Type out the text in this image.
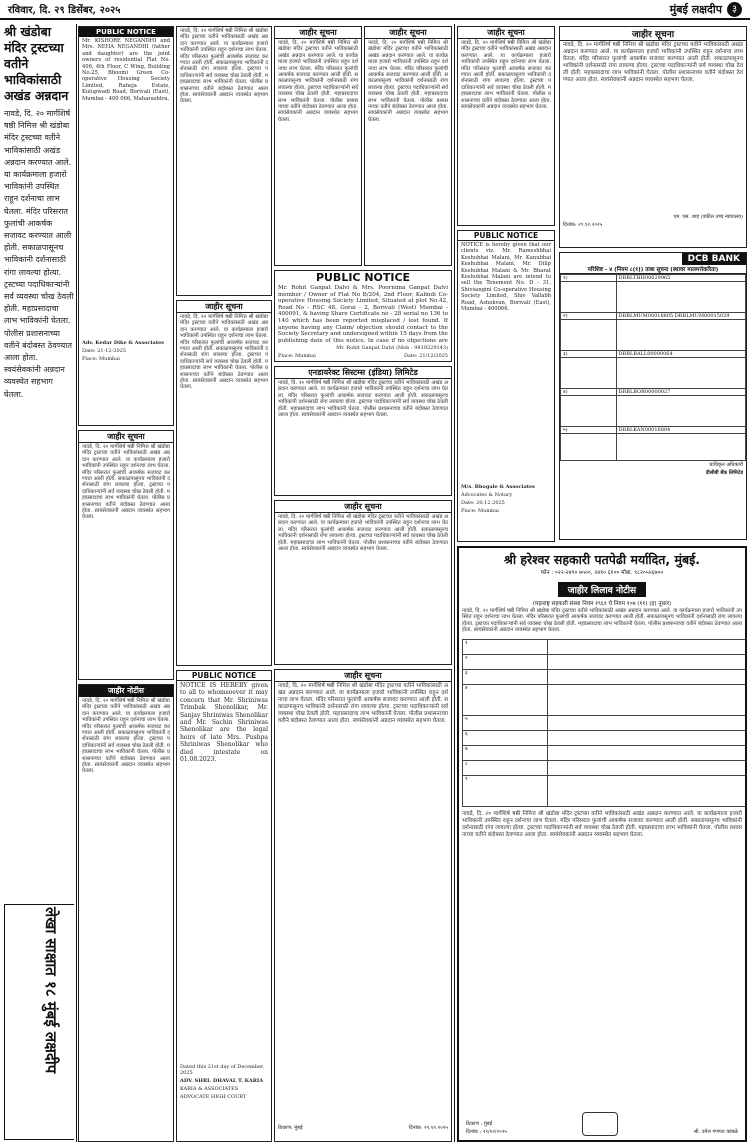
रविवार, दि. २९ डिसेंबर, २०२५	मुंबई लक्षदीप ३
श्री खंडोबा मंदिर ट्रस्टच्या वतीने भाविकांसाठी अखंड अन्नदान
नावडे, दि. २० मार्गशिर्ष षष्ठी निमित्त श्री खंडोबा मंदिर ट्रस्टच्या वतीने भाविकांसाठी अखंड अन्नदान करण्यात आले. या कार्यक्रमाला हजारो भाविकांनी उपस्थित राहून दर्शनाचा लाभ घेतला. मंदिर परिसरात फुलांची आकर्षक सजावट करण्यात आली होती. सकाळपासूनच भाविकांनी दर्शनासाठी रांगा लावल्या होत्या. ट्रस्टच्या पदाधिकाऱ्यांनी सर्व व्यवस्था चोख ठेवली होती. महाप्रसादाचा लाभ भाविकांनी घेतला. पोलीस प्रशासनाच्या वतीने बंदोबस्त ठेवण्यात आला होता. स्वयंसेवकांनी अन्नदान व्यवस्थेत सहभाग घेतला.
लेखा साक्षात १८ मुंबई लक्षदीप
PUBLIC NOTICE
Mr. KISHORE NEGANDHI and Mrs. NEHA NEGANDHI (father and daughter) are the joint owners of residential Flat No. 406, 4th Floor, C Wing, Building No.25, Bhoomi Green Co-operative Housing Society Limited, Raheja Estate, Kulupwadi Road, Borivali (East), Mumbai - 400 066, Maharashtra.
Adv. Kedar Dike & Associates
Date: 21-12-2025
Place: Mumbai
जाहीर सूचना
नावडे, दि. २० मार्गशिर्ष षष्ठी निमित्त श्री खंडोबा मंदिर ट्रस्टच्या वतीने भाविकांसाठी अखंड अन्नदान करण्यात आले. या कार्यक्रमाला हजारो भाविकांनी उपस्थित राहून दर्शनाचा लाभ घेतला. मंदिर परिसरात फुलांची आकर्षक सजावट करण्यात आली होती. सकाळपासूनच भाविकांनी दर्शनासाठी रांगा लावल्या होत्या. ट्रस्टच्या पदाधिकाऱ्यांनी सर्व व्यवस्था चोख ठेवली होती. महाप्रसादाचा लाभ भाविकांनी घेतला. पोलीस प्रशासनाच्या वतीने बंदोबस्त ठेवण्यात आला होता. स्वयंसेवकांनी अन्नदान व्यवस्थेत सहभाग घेतला.
जाहीर नोटीस
नावडे, दि. २० मार्गशिर्ष षष्ठी निमित्त श्री खंडोबा मंदिर ट्रस्टच्या वतीने भाविकांसाठी अखंड अन्नदान करण्यात आले. या कार्यक्रमाला हजारो भाविकांनी उपस्थित राहून दर्शनाचा लाभ घेतला. मंदिर परिसरात फुलांची आकर्षक सजावट करण्यात आली होती. सकाळपासूनच भाविकांनी दर्शनासाठी रांगा लावल्या होत्या. ट्रस्टच्या पदाधिकाऱ्यांनी सर्व व्यवस्था चोख ठेवली होती. महाप्रसादाचा लाभ भाविकांनी घेतला. पोलीस प्रशासनाच्या वतीने बंदोबस्त ठेवण्यात आला होता. स्वयंसेवकांनी अन्नदान व्यवस्थेत सहभाग घेतला.
नावडे, दि. २० मार्गशिर्ष षष्ठी निमित्त श्री खंडोबा मंदिर ट्रस्टच्या वतीने भाविकांसाठी अखंड अन्नदान करण्यात आले. या कार्यक्रमाला हजारो भाविकांनी उपस्थित राहून दर्शनाचा लाभ घेतला. मंदिर परिसरात फुलांची आकर्षक सजावट करण्यात आली होती. सकाळपासूनच भाविकांनी दर्शनासाठी रांगा लावल्या होत्या. ट्रस्टच्या पदाधिकाऱ्यांनी सर्व व्यवस्था चोख ठेवली होती. महाप्रसादाचा लाभ भाविकांनी घेतला. पोलीस प्रशासनाच्या वतीने बंदोबस्त ठेवण्यात आला होता. स्वयंसेवकांनी अन्नदान व्यवस्थेत सहभाग घेतला.
जाहीर सूचना
नावडे, दि. २० मार्गशिर्ष षष्ठी निमित्त श्री खंडोबा मंदिर ट्रस्टच्या वतीने भाविकांसाठी अखंड अन्नदान करण्यात आले. या कार्यक्रमाला हजारो भाविकांनी उपस्थित राहून दर्शनाचा लाभ घेतला. मंदिर परिसरात फुलांची आकर्षक सजावट करण्यात आली होती. सकाळपासूनच भाविकांनी दर्शनासाठी रांगा लावल्या होत्या. ट्रस्टच्या पदाधिकाऱ्यांनी सर्व व्यवस्था चोख ठेवली होती. महाप्रसादाचा लाभ भाविकांनी घेतला. पोलीस प्रशासनाच्या वतीने बंदोबस्त ठेवण्यात आला होता. स्वयंसेवकांनी अन्नदान व्यवस्थेत सहभाग घेतला.
PUBLIC NOTICE
NOTICE IS HEREBY given to all to whomsoever it may concern that Mr. Shriniwas Trimbak Shenolikar, Mr. Sanjay Shriniwas Shenolikar and Mr. Sachin Shriniwas Shenolikar are the legal heirs of late Mrs. Pushpa Shriniwas Shenolikar who died intestate on 01.08.2023.
Dated this 21st day of December, 2025
ADV. SHRI. DHAVAL T. KARIA
KARIA & ASSOCIATES
ADVOCATE HIGH COURT
जाहीर सूचना
नावडे, दि. २० मार्गशिर्ष षष्ठी निमित्त श्री खंडोबा मंदिर ट्रस्टच्या वतीने भाविकांसाठी अखंड अन्नदान करण्यात आले. या कार्यक्रमाला हजारो भाविकांनी उपस्थित राहून दर्शनाचा लाभ घेतला. मंदिर परिसरात फुलांची आकर्षक सजावट करण्यात आली होती. सकाळपासूनच भाविकांनी दर्शनासाठी रांगा लावल्या होत्या. ट्रस्टच्या पदाधिकाऱ्यांनी सर्व व्यवस्था चोख ठेवली होती. महाप्रसादाचा लाभ भाविकांनी घेतला. पोलीस प्रशासनाच्या वतीने बंदोबस्त ठेवण्यात आला होता. स्वयंसेवकांनी अन्नदान व्यवस्थेत सहभाग घेतला.
जाहीर सूचना
नावडे, दि. २० मार्गशिर्ष षष्ठी निमित्त श्री खंडोबा मंदिर ट्रस्टच्या वतीने भाविकांसाठी अखंड अन्नदान करण्यात आले. या कार्यक्रमाला हजारो भाविकांनी उपस्थित राहून दर्शनाचा लाभ घेतला. मंदिर परिसरात फुलांची आकर्षक सजावट करण्यात आली होती. सकाळपासूनच भाविकांनी दर्शनासाठी रांगा लावल्या होत्या. ट्रस्टच्या पदाधिकाऱ्यांनी सर्व व्यवस्था चोख ठेवली होती. महाप्रसादाचा लाभ भाविकांनी घेतला. पोलीस प्रशासनाच्या वतीने बंदोबस्त ठेवण्यात आला होता. स्वयंसेवकांनी अन्नदान व्यवस्थेत सहभाग घेतला.
PUBLIC NOTICE
Mr. Rohit Ganpat Dalvi & Mrs. Poornima Ganpat Dalvi member / Owner of Flat No B/204, 2nd Floor, Kalindi Co-operative Housing Society Limited, Situated at plot No.42, Road No - RSC 48, Gorai - 2, Borivali (West) Mumbai - 400091, & having Share Certificate no - 28 serial no 136 to 140 which has been reported misplaced / lost found. If anyone having any Claim/ objection should contact to the Society Secretary and undersigned within 15 days from the publishing date of this notice. In case if no objections are
Mr. Rohit Ganpat Dalvi (Mob - 9819229143)
Place: Mumbai	Date: 21/12/2025
एनडायरेक्ट सिस्टम्स (इंडिया) लिमिटेड
नावडे, दि. २० मार्गशिर्ष षष्ठी निमित्त श्री खंडोबा मंदिर ट्रस्टच्या वतीने भाविकांसाठी अखंड अन्नदान करण्यात आले. या कार्यक्रमाला हजारो भाविकांनी उपस्थित राहून दर्शनाचा लाभ घेतला. मंदिर परिसरात फुलांची आकर्षक सजावट करण्यात आली होती. सकाळपासूनच भाविकांनी दर्शनासाठी रांगा लावल्या होत्या. ट्रस्टच्या पदाधिकाऱ्यांनी सर्व व्यवस्था चोख ठेवली होती. महाप्रसादाचा लाभ भाविकांनी घेतला. पोलीस प्रशासनाच्या वतीने बंदोबस्त ठेवण्यात आला होता. स्वयंसेवकांनी अन्नदान व्यवस्थेत सहभाग घेतला.
जाहीर सूचना
नावडे, दि. २० मार्गशिर्ष षष्ठी निमित्त श्री खंडोबा मंदिर ट्रस्टच्या वतीने भाविकांसाठी अखंड अन्नदान करण्यात आले. या कार्यक्रमाला हजारो भाविकांनी उपस्थित राहून दर्शनाचा लाभ घेतला. मंदिर परिसरात फुलांची आकर्षक सजावट करण्यात आली होती. सकाळपासूनच भाविकांनी दर्शनासाठी रांगा लावल्या होत्या. ट्रस्टच्या पदाधिकाऱ्यांनी सर्व व्यवस्था चोख ठेवली होती. महाप्रसादाचा लाभ भाविकांनी घेतला. पोलीस प्रशासनाच्या वतीने बंदोबस्त ठेवण्यात आला होता. स्वयंसेवकांनी अन्नदान व्यवस्थेत सहभाग घेतला.
जाहीर सूचना
नावडे, दि. २० मार्गशिर्ष षष्ठी निमित्त श्री खंडोबा मंदिर ट्रस्टच्या वतीने भाविकांसाठी अखंड अन्नदान करण्यात आले. या कार्यक्रमाला हजारो भाविकांनी उपस्थित राहून दर्शनाचा लाभ घेतला. मंदिर परिसरात फुलांची आकर्षक सजावट करण्यात आली होती. सकाळपासूनच भाविकांनी दर्शनासाठी रांगा लावल्या होत्या. ट्रस्टच्या पदाधिकाऱ्यांनी सर्व व्यवस्था चोख ठेवली होती. महाप्रसादाचा लाभ भाविकांनी घेतला. पोलीस प्रशासनाच्या वतीने बंदोबस्त ठेवण्यात आला होता. स्वयंसेवकांनी अन्नदान व्यवस्थेत सहभाग घेतला.
ठिकाण: मुंबई	दिनांक: २९.१२.२०२५
जाहीर सूचना
नावडे, दि. २० मार्गशिर्ष षष्ठी निमित्त श्री खंडोबा मंदिर ट्रस्टच्या वतीने भाविकांसाठी अखंड अन्नदान करण्यात आले. या कार्यक्रमाला हजारो भाविकांनी उपस्थित राहून दर्शनाचा लाभ घेतला. मंदिर परिसरात फुलांची आकर्षक सजावट करण्यात आली होती. सकाळपासूनच भाविकांनी दर्शनासाठी रांगा लावल्या होत्या. ट्रस्टच्या पदाधिकाऱ्यांनी सर्व व्यवस्था चोख ठेवली होती. महाप्रसादाचा लाभ भाविकांनी घेतला. पोलीस प्रशासनाच्या वतीने बंदोबस्त ठेवण्यात आला होता. स्वयंसेवकांनी अन्नदान व्यवस्थेत सहभाग घेतला.
PUBLIC NOTICE
NOTICE is hereby given that our clients viz. Mr. Rameshbhai Keshubhai Malani, Mr. Kanubhai Keshubhai Malani, Mr. Dilip Keshubhai Malani & Mr. Bharat Keshubhai Malani are intend to sell the Tenement No. D - 31, Shivsangini Co-operative Housing Society Limited, Shiv Vallabh Road, Ashokvan, Borivali (East), Mumbai - 400066.
M/s. Bhogale & Associates
Advocates & Notary
Date: 20.12.2025
Place: Mumbai
जाहीर सूचना
नावडे, दि. २० मार्गशिर्ष षष्ठी निमित्त श्री खंडोबा मंदिर ट्रस्टच्या वतीने भाविकांसाठी अखंड अन्नदान करण्यात आले. या कार्यक्रमाला हजारो भाविकांनी उपस्थित राहून दर्शनाचा लाभ घेतला. मंदिर परिसरात फुलांची आकर्षक सजावट करण्यात आली होती. सकाळपासूनच भाविकांनी दर्शनासाठी रांगा लावल्या होत्या. ट्रस्टच्या पदाधिकाऱ्यांनी सर्व व्यवस्था चोख ठेवली होती. महाप्रसादाचा लाभ भाविकांनी घेतला. पोलीस प्रशासनाच्या वतीने बंदोबस्त ठेवण्यात आला होता. स्वयंसेवकांनी अन्नदान व्यवस्थेत सहभाग घेतला.
एम. एस. शाह (वकील उच्च न्यायालय)
दिनांक: २९.१२.२०२५
DCB BANK
परिशिष्ट - ४ (नियम ८(१)) ताबा सूचना (स्थावर मालमत्तेकरिता)
१)	DRBLTHH00629965

२)	DRBLMUM00016605 DRBLMUM00015029

३)	DRBLBALL00000064

४)	DRBLBOR00000027

५)	DRBLKAN00016804

प्राधिकृत अधिकारी
डीसीबी बँक लिमिटेड
श्री हरेश्वर सहकारी पतपेढी मर्यादित, मुंबई.
फोन : ०२२-२४१० ७५००, २४१० ६१०० मोबा. ९८२०५५६७००
जाहीर लिलाव नोटीस
(महाराष्ट्र सहकारी संस्था नियम १९६१ चे नियम १०७ (११) (ह) नुसार)
नावडे, दि. २० मार्गशिर्ष षष्ठी निमित्त श्री खंडोबा मंदिर ट्रस्टच्या वतीने भाविकांसाठी अखंड अन्नदान करण्यात आले. या कार्यक्रमाला हजारो भाविकांनी उपस्थित राहून दर्शनाचा लाभ घेतला. मंदिर परिसरात फुलांची आकर्षक सजावट करण्यात आली होती. सकाळपासूनच भाविकांनी दर्शनासाठी रांगा लावल्या होत्या. ट्रस्टच्या पदाधिकाऱ्यांनी सर्व व्यवस्था चोख ठेवली होती. महाप्रसादाचा लाभ भाविकांनी घेतला. पोलीस प्रशासनाच्या वतीने बंदोबस्त ठेवण्यात आला होता. स्वयंसेवकांनी अन्नदान व्यवस्थेत सहभाग घेतला.
१	
२	
३	
४	
५	
६	
७	
८	
९	
नावडे, दि. २० मार्गशिर्ष षष्ठी निमित्त श्री खंडोबा मंदिर ट्रस्टच्या वतीने भाविकांसाठी अखंड अन्नदान करण्यात आले. या कार्यक्रमाला हजारो भाविकांनी उपस्थित राहून दर्शनाचा लाभ घेतला. मंदिर परिसरात फुलांची आकर्षक सजावट करण्यात आली होती. सकाळपासूनच भाविकांनी दर्शनासाठी रांगा लावल्या होत्या. ट्रस्टच्या पदाधिकाऱ्यांनी सर्व व्यवस्था चोख ठेवली होती. महाप्रसादाचा लाभ भाविकांनी घेतला. पोलीस प्रशासनाच्या वतीने बंदोबस्त ठेवण्यात आला होता. स्वयंसेवकांनी अन्नदान व्यवस्थेत सहभाग घेतला.
ठिकाण : मुंबई
दिनांक : २९/१२/२०२५	श्री. उमेश गणपत कांबळे
